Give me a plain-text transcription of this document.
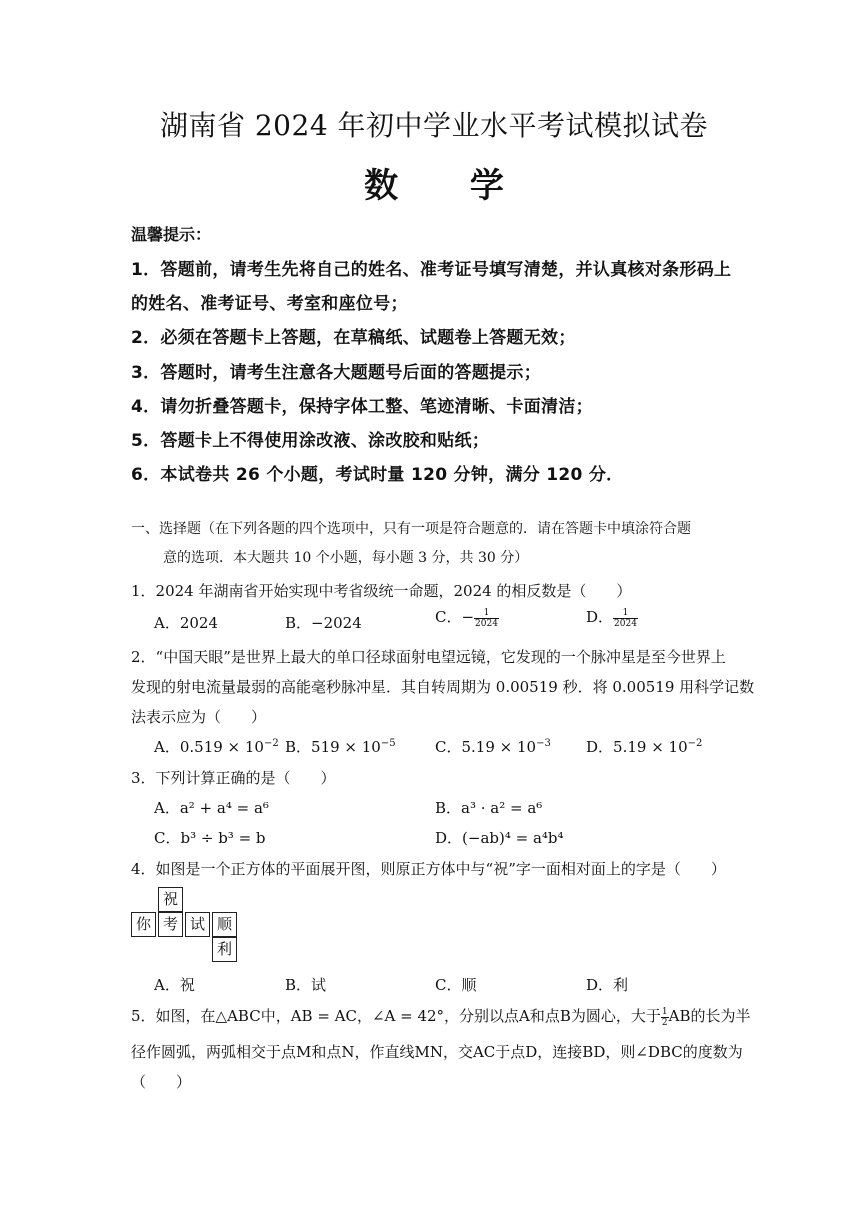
湖南省 2024 年初中学业水平考试模拟试卷
数 学
温馨提示：
1．答题前，请考生先将自己的姓名、准考证号填写清楚，并认真核对条形码上
的姓名、准考证号、考室和座位号；
2．必须在答题卡上答题，在草稿纸、试题卷上答题无效；
3．答题时，请考生注意各大题题号后面的答题提示；
4．请勿折叠答题卡，保持字体工整、笔迹清晰、卡面清洁；
5．答题卡上不得使用涂改液、涂改胶和贴纸；
6．本试卷共 26 个小题，考试时量 120 分钟，满分 120 分．
一、选择题（在下列各题的四个选项中，只有一项是符合题意的．请在答题卡中填涂符合题
意的选项．本大题共 10 个小题，每小题 3 分，共 30 分）
1．2024 年湖南省开始实现中考省级统一命题，2024 的相反数是（　　）
A．2024	B．−2024	C．− $\frac{1}{2024}$	D． $\frac{1}{2024}$
2．“中国天眼”是世界上最大的单口径球面射电望远镜，它发现的一个脉冲星是至今世界上
发现的射电流量最弱的高能毫秒脉冲星．其自转周期为 0.00519 秒．将 0.00519 用科学记数
法表示应为（　　）
A．$0.519 \times 10^{-2}$ B．$519 \times 10^{-5}$	C．$5.19 \times 10^{-3}$ D．$5.19 \times 10^{-2}$
3．下列计算正确的是（　　）
A．a² + a⁴ = a⁶	B．a³ · a² = a⁶
C．b³ ÷ b³ = b	D．(−ab)⁴ = a⁴b⁴
4．如图是一个正方体的平面展开图，则原正方体中与“祝”字一面相对面上的字是（　　）
祝
你 考 试 顺
利
A．祝	B．试	C．顺	D．利
5．如图，在△ABC中，AB = AC，∠A = 42°，分别以点A和点B为圆心，大于 $\frac{1}{2}$ AB的长为半
径作圆弧，两弧相交于点M和点N，作直线MN，交AC于点D，连接BD，则∠DBC的度数为
（　　）
